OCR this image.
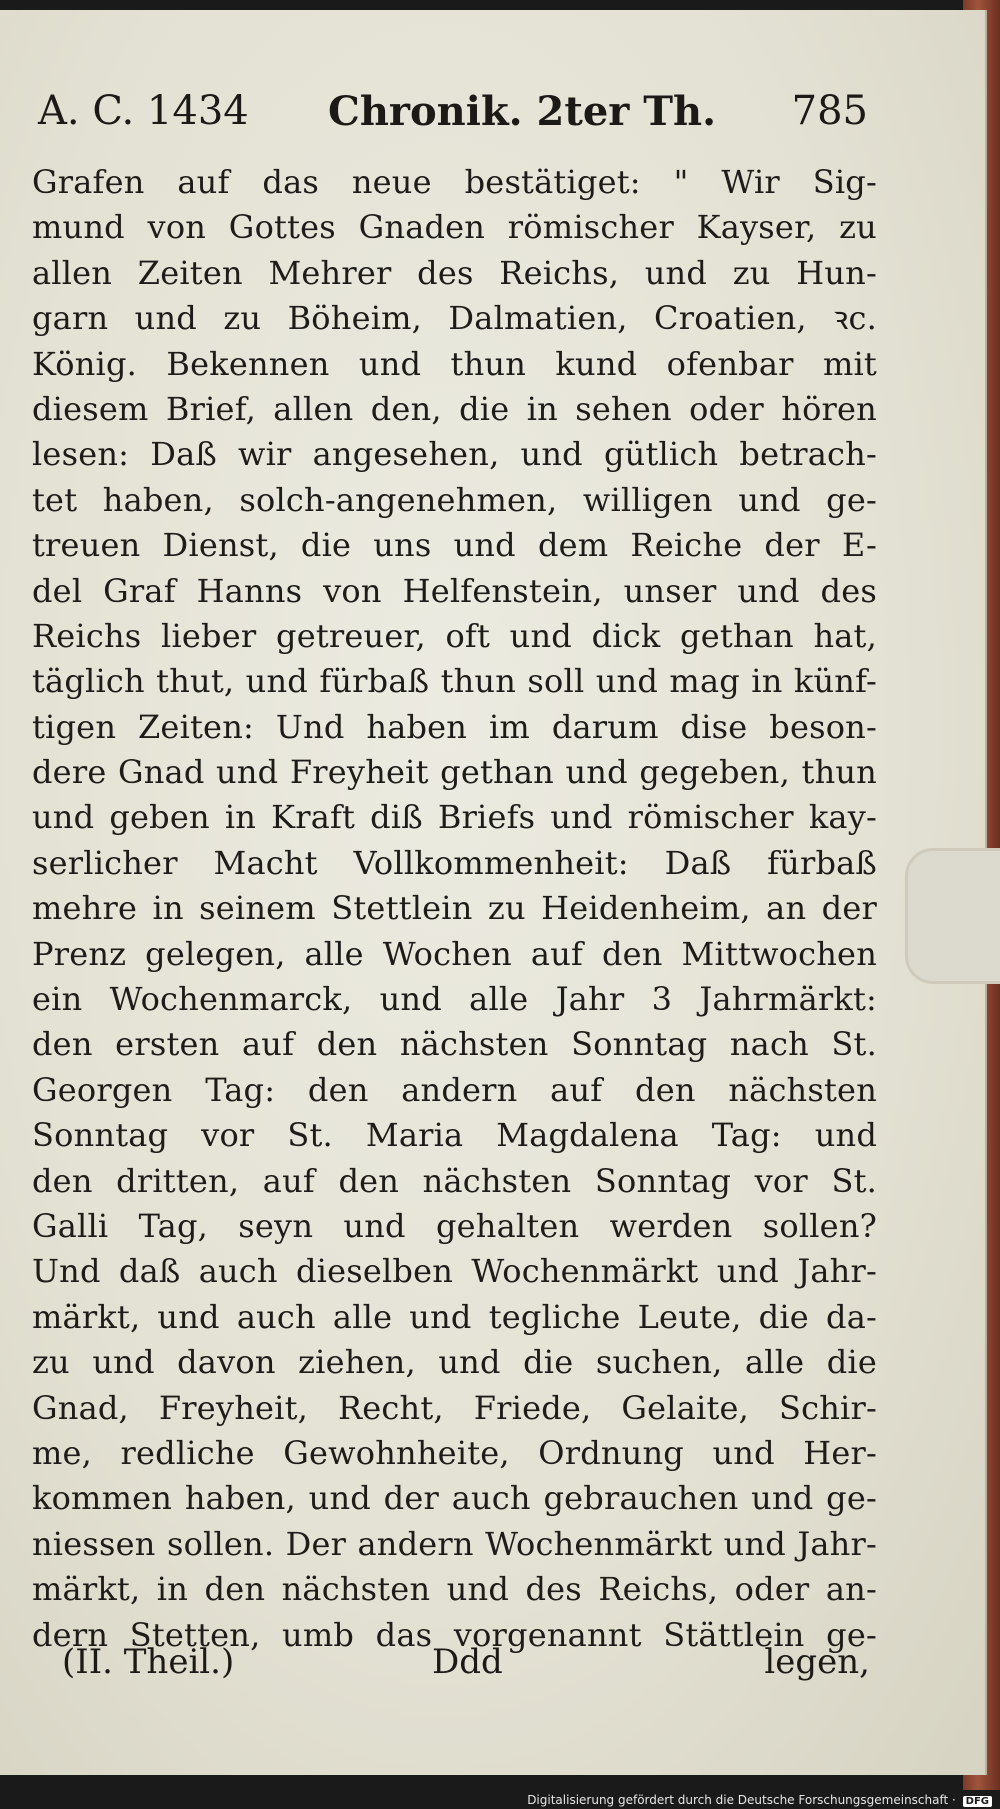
A. C. 1434 Chronik. 2ter Th. 785
Grafen auf das neue bestätiget: " Wir Sig-
mund von Gottes Gnaden römischer Kayser, zu
allen Zeiten Mehrer des Reichs, und zu Hun-
garn und zu Böheim, Dalmatien, Croatien, ꝛc.
König. Bekennen und thun kund ofenbar mit
diesem Brief, allen den, die in sehen oder hören
lesen: Daß wir angesehen, und gütlich betrach-
tet haben, solch-angenehmen, willigen und ge-
treuen Dienst, die uns und dem Reiche der E-
del Graf Hanns von Helfenstein, unser und des
Reichs lieber getreuer, oft und dick gethan hat,
täglich thut, und fürbaß thun soll und mag in künf-
tigen Zeiten: Und haben im darum dise beson-
dere Gnad und Freyheit gethan und gegeben, thun
und geben in Kraft diß Briefs und römischer kay-
serlicher Macht Vollkommenheit: Daß fürbaß
mehre in seinem Stettlein zu Heidenheim, an der
Prenz gelegen, alle Wochen auf den Mittwochen
ein Wochenmarck, und alle Jahr 3 Jahrmärkt:
den ersten auf den nächsten Sonntag nach St.
Georgen Tag: den andern auf den nächsten
Sonntag vor St. Maria Magdalena Tag: und
den dritten, auf den nächsten Sonntag vor St.
Galli Tag, seyn und gehalten werden sollen?
Und daß auch dieselben Wochenmärkt und Jahr-
märkt, und auch alle und tegliche Leute, die da-
zu und davon ziehen, und die suchen, alle die
Gnad, Freyheit, Recht, Friede, Gelaite, Schir-
me, redliche Gewohnheite, Ordnung und Her-
kommen haben, und der auch gebrauchen und ge-
niessen sollen. Der andern Wochenmärkt und Jahr-
märkt, in den nächsten und des Reichs, oder an-
dern Stetten, umb das vorgenannt Stättlein ge-
(II. Theil.)	Ddd	legen,
Digitalisierung gefördert durch die Deutsche Forschungsgemeinschaft · DFG
